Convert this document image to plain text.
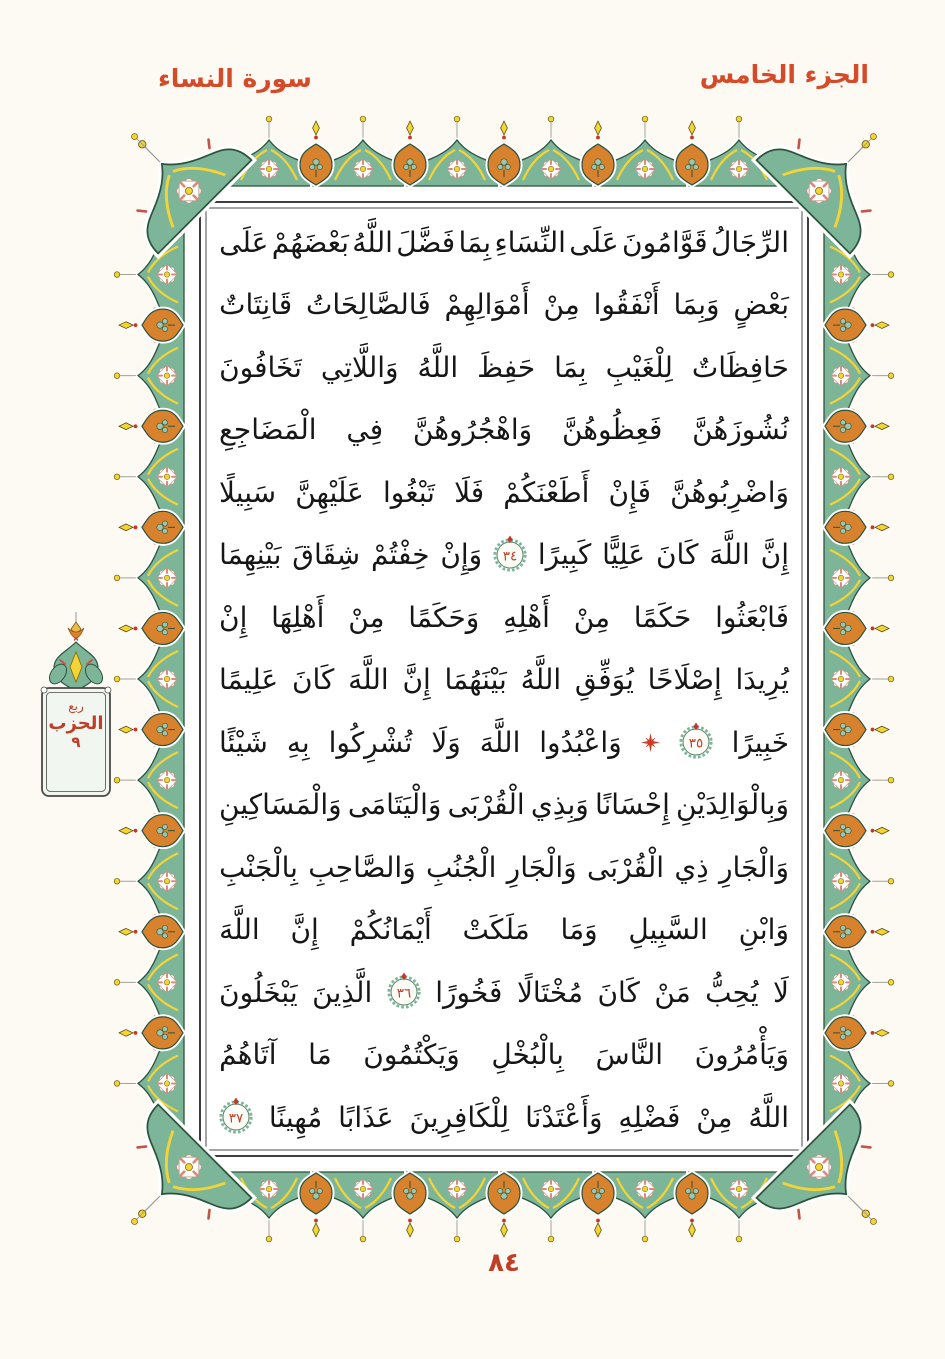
الجزء الخامس
سورة النساء
الرِّجَالُ
قَوَّامُونَ
عَلَى
النِّسَاءِ
بِمَا
فَضَّلَ
اللَّهُ
بَعْضَهُمْ
عَلَى
بَعْضٍ
وَبِمَا
أَنْفَقُوا
مِنْ
أَمْوَالِهِمْ
فَالصَّالِحَاتُ
قَانِتَاتٌ
حَافِظَاتٌ
لِلْغَيْبِ
بِمَا
حَفِظَ
اللَّهُ
وَاللَّاتِي
تَخَافُونَ
نُشُوزَهُنَّ
فَعِظُوهُنَّ
وَاهْجُرُوهُنَّ
فِي
الْمَضَاجِعِ
وَاضْرِبُوهُنَّ
فَإِنْ
أَطَعْنَكُمْ
فَلَا
تَبْغُوا
عَلَيْهِنَّ
سَبِيلًا
إِنَّ
اللَّهَ
كَانَ
عَلِيًّا
كَبِيرًا
٣٤
وَإِنْ
خِفْتُمْ
شِقَاقَ
بَيْنِهِمَا
فَابْعَثُوا
حَكَمًا
مِنْ
أَهْلِهِ
وَحَكَمًا
مِنْ
أَهْلِهَا
إِنْ
يُرِيدَا
إِصْلَاحًا
يُوَفِّقِ
اللَّهُ
بَيْنَهُمَا
إِنَّ
اللَّهَ
كَانَ
عَلِيمًا
خَبِيرًا
٣٥
وَاعْبُدُوا
اللَّهَ
وَلَا
تُشْرِكُوا
بِهِ
شَيْئًا
وَبِالْوَالِدَيْنِ
إِحْسَانًا
وَبِذِي
الْقُرْبَى
وَالْيَتَامَى
وَالْمَسَاكِينِ
وَالْجَارِ
ذِي
الْقُرْبَى
وَالْجَارِ
الْجُنُبِ
وَالصَّاحِبِ
بِالْجَنْبِ
وَابْنِ
السَّبِيلِ
وَمَا
مَلَكَتْ
أَيْمَانُكُمْ
إِنَّ
اللَّهَ
لَا
يُحِبُّ
مَنْ
كَانَ
مُخْتَالًا
فَخُورًا
٣٦
الَّذِينَ
يَبْخَلُونَ
وَيَأْمُرُونَ
النَّاسَ
بِالْبُخْلِ
وَيَكْتُمُونَ
مَا
آتَاهُمُ
اللَّهُ
مِنْ
فَضْلِهِ
وَأَعْتَدْنَا
لِلْكَافِرِينَ
عَذَابًا
مُهِينًا
٣٧
ربع
الحزب
٩
٨٤
